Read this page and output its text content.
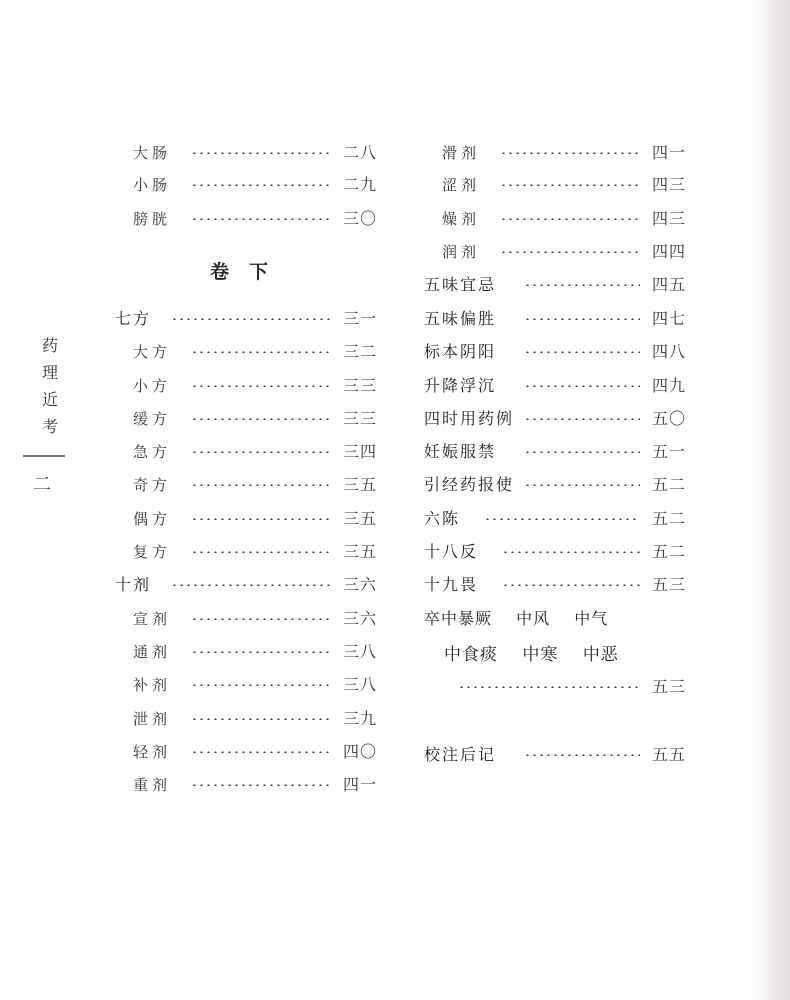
药
理
近
考
二
大肠	二八
小肠	二九
膀胱	三〇
卷下
七方	三一
大方	三二
小方	三三
缓方	三三
急方	三四
奇方	三五
偶方	三五
复方	三五
十剂	三六
宣剂	三六
通剂	三八
补剂	三八
泄剂	三九
轻剂	四〇
重剂	四一
滑剂	四一
涩剂	四三
燥剂	四三
润剂	四四
五味宜忌	四五
五味偏胜	四七
标本阴阳	四八
升降浮沉	四九
四时用药例	五〇
妊娠服禁	五一
引经药报使	五二
六陈	五二
十八反	五二
十九畏	五三
卒中暴厥 中风 中气
中食痰 中寒 中恶
五三
校注后记	五五
